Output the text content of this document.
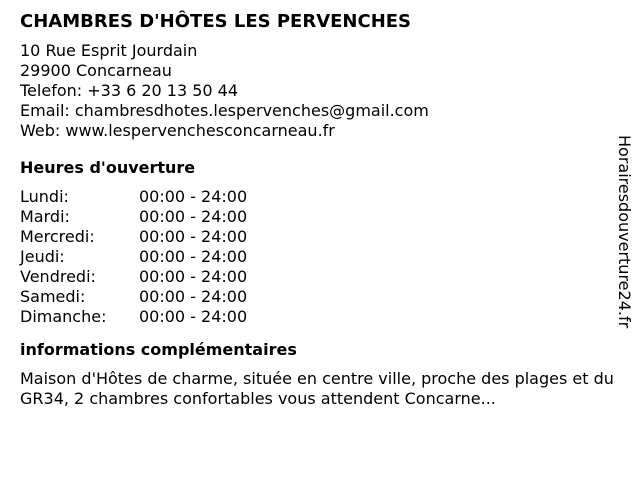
CHAMBRES D'HÔTES LES PERVENCHES
10 Rue Esprit Jourdain
29900 Concarneau
Telefon: +33 6 20 13 50 44
Email: chambresdhotes.lespervenches@gmail.com
Web: www.lespervenchesconcarneau.fr
Heures d'ouverture
Lundi:	00:00 - 24:00
Mardi:	00:00 - 24:00
Mercredi:	00:00 - 24:00
Jeudi:	00:00 - 24:00
Vendredi:	00:00 - 24:00
Samedi:	00:00 - 24:00
Dimanche: 00:00 - 24:00
informations complémentaires
Maison d'Hôtes de charme, située en centre ville, proche des plages et du GR34, 2 chambres confortables vous attendent Concarne...
Horairesdouverture24.fr
